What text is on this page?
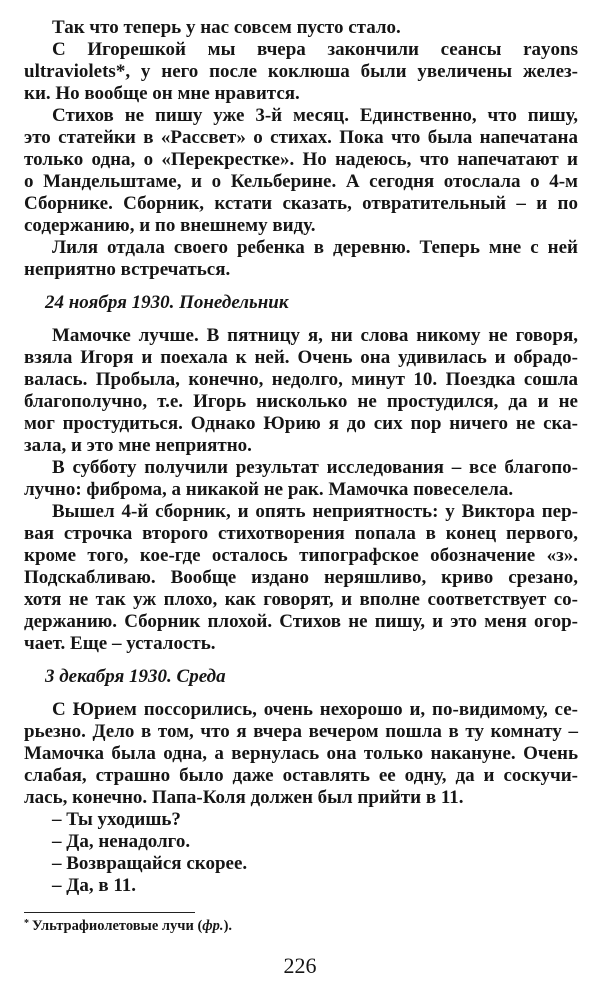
Так что теперь у нас совсем пусто стало.
С Игорешкой мы вчера закончили сеансы rayons
ultraviolets*, у него после коклюша были увеличены желез-
ки. Но вообще он мне нравится.
Стихов не пишу уже 3-й месяц. Единственно, что пишу,
это статейки в «Рассвет» о стихах. Пока что была напечатана
только одна, о «Перекрестке». Но надеюсь, что напечатают и
о Мандельштаме, и о Кельберине. А сегодня отослала о 4-м
Сборнике. Сборник, кстати сказать, отвратительный – и по
содержанию, и по внешнему виду.
Лиля отдала своего ребенка в деревню. Теперь мне с ней
неприятно встречаться.
24 ноября 1930. Понедельник
Мамочке лучше. В пятницу я, ни слова никому не говоря,
взяла Игоря и поехала к ней. Очень она удивилась и обрадо-
валась. Пробыла, конечно, недолго, минут 10. Поездка сошла
благополучно, т.е. Игорь нисколько не простудился, да и не
мог простудиться. Однако Юрию я до сих пор ничего не ска-
зала, и это мне неприятно.
В субботу получили результат исследования – все благопо-
лучно: фиброма, а никакой не рак. Мамочка повеселела.
Вышел 4-й сборник, и опять неприятность: у Виктора пер-
вая строчка второго стихотворения попала в конец первого,
кроме того, кое-где осталось типографское обозначение «з».
Подскабливаю. Вообще издано неряшливо, криво срезано,
хотя не так уж плохо, как говорят, и вполне соответствует со-
держанию. Сборник плохой. Стихов не пишу, и это меня огор-
чает. Еще – усталость.
3 декабря 1930. Среда
С Юрием поссорились, очень нехорошо и, по-видимому, се-
рьезно. Дело в том, что я вчера вечером пошла в ту комнату –
Мамочка была одна, а вернулась она только накануне. Очень
слабая, страшно было даже оставлять ее одну, да и соскучи-
лась, конечно. Папа-Коля должен был прийти в 11.
– Ты уходишь?
– Да, ненадолго.
– Возвращайся скорее.
– Да, в 11.
* Ультрафиолетовые лучи (фр.).
226
